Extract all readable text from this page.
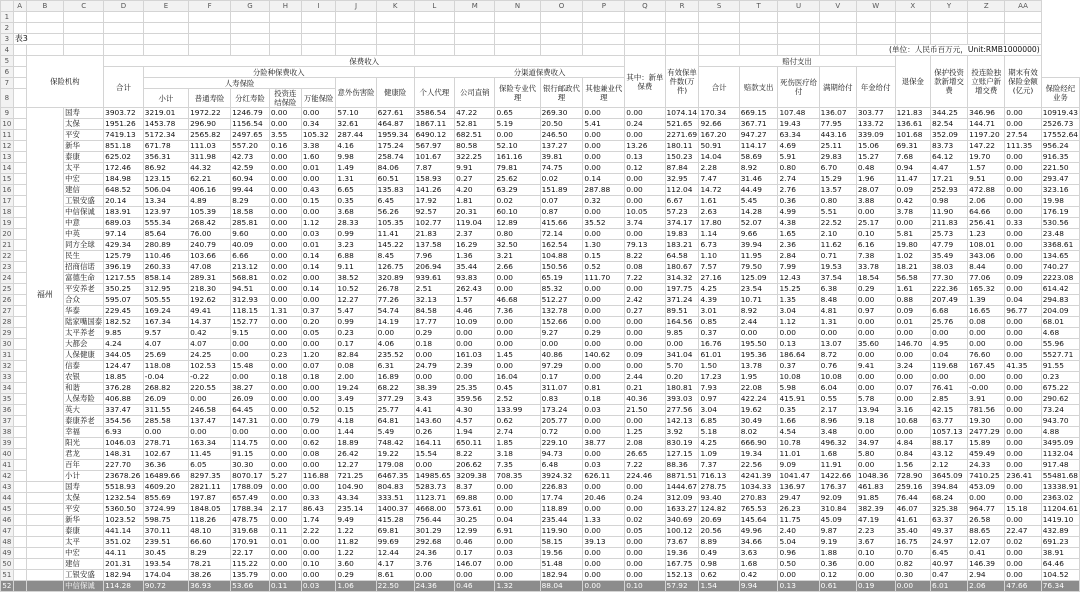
	A	B	C	D	E	F	G	H	I	J	K	L	M	N	O	P	Q	R	S	T	U	V	W	X	Y	Z	AA	
1																												
2																												
3	表3																											
4																							(单位：人民币百万元，Unit:RMB1000000)					
5		保险机构		保费收入													其中：新单保费	有效保单件数(万件)	赔付支出					退保金	保护投资款新增交费	投连险独立账户新增交费	期末有效保险金额(亿元)	
6				合计	分险种保费收入							分渠道保费收入							合计	赔款支出	死伤医疗给付	满期给付	年金给付					
7					人寿保险					意外伤害险	健康险	个人代理	公司直销	保险专业代理	银行邮政代理	其他兼业代理												保险经纪业务
8					小计	普通寿险	分红寿险	投资连结保险	万能保险																			
9		福州	国寿	3903.72	3219.01	1972.22	1246.79	0.00	0.00	57.10	627.61	3586.54	47.22	0.65	269.30	0.00	0.00	1074.14	170.34	669.15	107.48	136.07	303.77	121.83	344.25	346.96	0.00	10919.43
10			太保	1951.26	1453.78	296.90	1156.54	0.00	0.34	32.61	464.87	1867.11	52.81	5.19	20.50	5.41	0.24	521.65	92.66	367.71	19.43	77.95	133.72	136.61	82.54	144.71	0.00	2526.73
11			平安	7419.13	5172.34	2565.82	2497.65	3.55	105.32	287.44	1959.34	6490.12	682.51	0.00	246.50	0.00	0.00	2271.69	167.20	947.27	63.34	443.16	339.09	101.68	352.09	1197.20	27.54	17552.64
12			新华	851.18	671.78	111.03	557.20	0.16	3.38	4.16	175.24	567.97	80.58	52.10	137.27	0.00	13.26	180.11	50.91	114.17	4.69	25.11	15.06	69.31	83.73	147.22	111.35	956.24
13			泰康	625.02	356.31	311.98	42.73	0.00	1.60	9.98	258.74	101.67	322.25	161.16	39.81	0.00	0.13	150.23	14.04	58.69	5.91	29.83	15.27	7.68	64.12	19.70	0.00	916.35
14			太平	172.46	86.92	44.32	42.59	0.00	0.01	1.49	84.06	7.87	9.91	79.81	74.75	0.00	0.12	87.84	2.28	8.92	0.80	6.70	0.48	0.94	4.47	1.57	0.00	221.50
15			中宏	184.98	123.15	62.21	60.94	0.00	0.00	1.31	60.51	158.93	0.27	25.62	0.02	0.14	0.00	32.95	7.47	31.46	2.74	15.29	1.96	11.47	17.21	9.51	0.00	293.47
16			建信	648.52	506.04	406.16	99.44	0.00	0.43	6.65	135.83	141.26	4.20	63.29	151.89	287.88	0.00	112.04	14.72	44.49	2.76	13.57	28.07	0.09	252.93	472.88	0.00	323.16
17			工银安盛	20.14	13.34	4.89	8.29	0.00	0.15	0.35	6.45	17.92	1.81	0.02	0.07	0.32	0.00	6.67	1.61	5.45	0.36	0.80	3.88	0.42	0.98	2.06	0.00	19.98
18			中信保诚	183.91	123.97	105.39	18.58	0.00	0.00	3.68	56.26	92.57	20.31	60.10	0.87	0.00	10.05	57.23	2.63	14.28	4.99	5.51	0.00	3.78	11.90	64.66	0.00	176.19
19			中意	689.03	555.34	268.42	285.81	0.00	1.12	28.33	105.35	102.77	119.04	12.89	415.66	35.52	3.74	374.17	17.80	52.07	4.38	22.52	25.17	0.00	211.83	256.41	0.33	530.56
20			中英	97.14	85.64	76.00	9.60	0.00	0.03	0.99	11.41	21.83	2.37	0.80	72.14	0.00	0.00	19.83	1.14	9.66	1.65	2.10	0.10	5.81	25.73	1.23	0.00	23.48
21			同方全球	429.34	280.89	240.79	40.09	0.00	0.01	3.23	145.22	137.58	16.29	32.50	162.54	1.30	79.13	183.21	6.73	39.94	2.36	11.62	6.16	19.80	47.79	108.01	0.00	3368.61
22			民生	125.79	110.46	103.66	6.66	0.00	0.14	6.88	8.45	7.96	1.36	3.21	104.88	0.15	8.22	64.58	1.10	11.95	2.84	0.71	7.38	1.02	35.49	343.06	0.00	134.65
23			招商信诺	396.19	260.33	47.08	213.12	0.00	0.14	9.11	126.75	206.94	35.44	2.66	150.56	0.52	0.08	180.67	7.57	79.50	7.99	19.53	33.78	18.21	38.03	8.44	0.00	740.27
24			富德生命	1217.55	858.14	289.31	568.81	0.02	0.00	38.52	320.89	939.61	93.83	0.00	65.19	111.70	7.22	314.32	27.16	125.09	12.43	37.54	18.54	56.58	77.30	77.06	0.09	2223.08
25			平安养老	350.25	312.95	218.30	94.51	0.00	0.14	10.52	26.78	2.51	262.43	0.00	85.32	0.00	0.00	197.75	4.25	23.54	15.25	6.38	0.29	1.61	222.36	165.32	0.00	614.42
26			合众	595.07	505.55	192.62	312.93	0.00	0.00	12.27	77.26	32.13	1.57	46.68	512.27	0.00	2.42	371.24	4.39	10.71	1.35	8.48	0.00	0.88	207.49	1.39	0.04	294.83
27			华泰	229.45	169.24	49.41	118.15	1.31	0.37	5.47	54.74	84.58	4.46	7.36	132.78	0.00	0.27	89.51	3.01	8.92	3.04	4.81	0.97	0.09	6.68	16.65	96.77	204.09
28			陆家嘴国泰	182.52	167.34	14.37	152.77	0.00	0.20	0.99	14.19	17.77	10.09	0.00	152.66	0.00	0.00	164.56	0.85	2.44	1.12	1.31	0.00	0.01	25.76	0.08	0.00	68.01
29			太平养老	9.85	9.57	0.42	9.15	0.00	0.05	0.23	0.00	0.29	0.00	0.00	9.27	0.29	0.00	9.85	0.37	0.00	0.00	0.00	0.00	0.00	0.00	0.00	0.00	4.68
30			大都会	4.24	4.07	4.07	0.00	0.00	0.00	0.17	4.06	0.18	0.00	0.00	0.00	0.00	0.00	0.00	16.76	195.50	0.13	13.07	35.60	146.70	4.95	0.00	0.00	55.96
31			人保健康	344.05	25.69	24.25	0.00	0.23	1.20	82.84	235.52	0.00	161.03	1.45	40.86	140.62	0.09	341.04	61.01	195.36	186.64	8.72	0.00	0.00	0.04	76.60	0.00	5527.71
32			信泰	124.47	118.08	102.53	15.48	0.00	0.07	0.08	6.31	24.79	2.39	0.00	97.29	0.00	0.00	5.70	1.50	13.78	0.37	0.76	9.41	3.24	119.68	167.45	41.35	91.55
33			农银	18.85	-0.04	-0.22	0.00	0.18	0.18	2.00	16.89	0.00	0.00	16.04	0.17	0.00	2.44	0.20	17.23	1.95	10.08	10.08	0.00	0.00	0.00	0.00	0.00	0.23
34			和谐	376.28	268.82	220.55	38.27	0.00	0.00	19.24	68.22	38.39	25.35	0.45	311.07	0.81	0.21	180.81	7.93	22.08	5.98	6.04	0.00	0.07	76.41	-0.00	0.00	675.22
35			人保寿险	406.88	26.09	0.00	26.09	0.00	0.00	3.49	377.29	3.43	359.56	2.52	0.83	0.18	40.36	393.03	0.97	422.24	415.91	0.55	5.78	0.00	2.85	3.91	0.00	290.62
36			英大	337.47	311.55	246.58	64.45	0.00	0.52	0.15	25.77	4.41	4.30	133.99	173.24	0.03	21.50	277.56	3.04	19.62	0.35	2.17	13.94	3.16	42.15	781.56	0.00	73.24
37			泰康养老	354.56	285.58	137.47	147.31	0.00	0.79	4.18	64.81	143.60	4.57	0.62	205.77	0.00	0.00	142.13	6.85	30.49	1.66	8.96	9.18	10.68	63.77	19.30	0.00	943.70
38			幸福	6.93	0.00	0.00	0.00	0.00	0.00	1.44	5.49	0.26	1.94	2.74	0.72	0.00	1.25	3.92	5.18	8.02	4.54	3.48	0.00	0.00	1057.13	2477.29	0.00	4.88
39			阳光	1046.03	278.71	163.34	114.75	0.00	0.62	18.89	748.42	164.11	650.11	1.85	229.10	38.77	2.08	830.19	4.25	666.90	10.78	496.32	34.97	4.84	88.17	15.89	0.00	3495.09
40			君龙	148.31	102.67	11.45	91.15	0.00	0.08	26.42	19.22	15.54	8.22	3.18	94.73	0.00	26.65	127.15	1.09	19.34	11.01	1.68	5.80	0.84	43.12	459.49	0.00	1132.04
41			百年	227.70	36.36	6.05	30.30	0.00	0.00	12.27	179.08	0.00	206.62	7.35	6.48	0.03	7.22	88.36	7.37	22.56	9.09	11.91	0.00	1.56	2.12	24.33	0.00	917.48
42			小计	23678.26	16489.66	8297.35	8070.17	5.27	116.88	721.25	6467.35	14985.65	3209.38	708.35	3924.32	626.11	224.46	8871.51	716.13	4241.39	1041.47	1422.66	1048.36	728.90	3645.09	7410.25	236.41	55481.68
43			国寿	5518.93	4609.20	2821.11	1788.09	0.00	0.00	104.90	804.83	5283.73	8.37	0.00	226.83	0.00	0.00	1444.67	278.75	1034.33	136.97	176.37	461.83	259.16	394.84	453.09	0.00	13338.91
44			太保	1232.54	855.69	197.87	657.49	0.00	0.33	43.34	333.51	1123.71	69.88	0.00	17.74	20.46	0.24	312.09	93.40	270.83	29.47	92.09	91.85	76.44	68.24	0.00	0.00	2363.02
45			平安	5360.50	3724.99	1848.05	1788.34	2.17	86.43	235.14	1400.37	4668.00	573.61	0.00	118.89	0.00	0.00	1633.27	124.82	765.53	26.23	310.84	382.39	46.07	325.38	964.77	15.18	11204.61
46			新华	1023.52	598.75	118.26	478.75	0.00	1.74	9.49	415.28	756.44	30.25	0.04	235.44	1.33	0.02	340.69	20.69	145.64	11.75	45.09	47.19	41.61	63.37	26.58	0.00	1419.10
47			泰康	441.14	370.11	48.10	319.68	0.11	2.22	1.22	69.81	301.29	12.99	6.91	119.90	0.00	0.05	100.12	20.56	49.96	2.40	9.87	2.23	35.40	49.37	88.65	22.47	432.89
48			太平	351.02	239.51	66.60	170.91	0.01	0.00	11.82	99.69	292.68	0.46	0.00	58.15	39.13	0.00	73.67	8.89	34.66	5.04	9.19	3.67	16.75	24.97	12.07	0.02	691.23
49			中宏	44.11	30.45	8.29	22.17	0.00	0.00	1.22	12.44	24.36	0.17	0.03	19.56	0.00	0.00	19.36	0.49	3.63	0.96	1.88	0.10	0.70	6.45	0.41	0.00	38.91
50			建信	201.31	193.54	78.21	115.22	0.00	0.10	3.60	4.17	3.76	146.07	0.00	51.48	0.00	0.00	167.75	0.98	1.68	0.50	0.36	0.00	0.82	40.97	146.39	0.00	64.46
51			工银安盛	182.94	174.04	38.26	135.79	0.00	0.00	0.29	8.61	0.00	0.00	0.00	182.94	0.00	0.00	152.13	0.62	0.42	0.00	0.12	0.00	0.30	0.47	2.94	0.00	104.52
52			中信保诚	114.28	90.72	36.93	53.66	0.11	0.03	1.06	22.50	24.36	0.46	1.32	88.04	0.00	0.10	57.92	1.54	9.94	0.13	0.61	0.19	0.00	6.01	2.06	47.66	76.34
